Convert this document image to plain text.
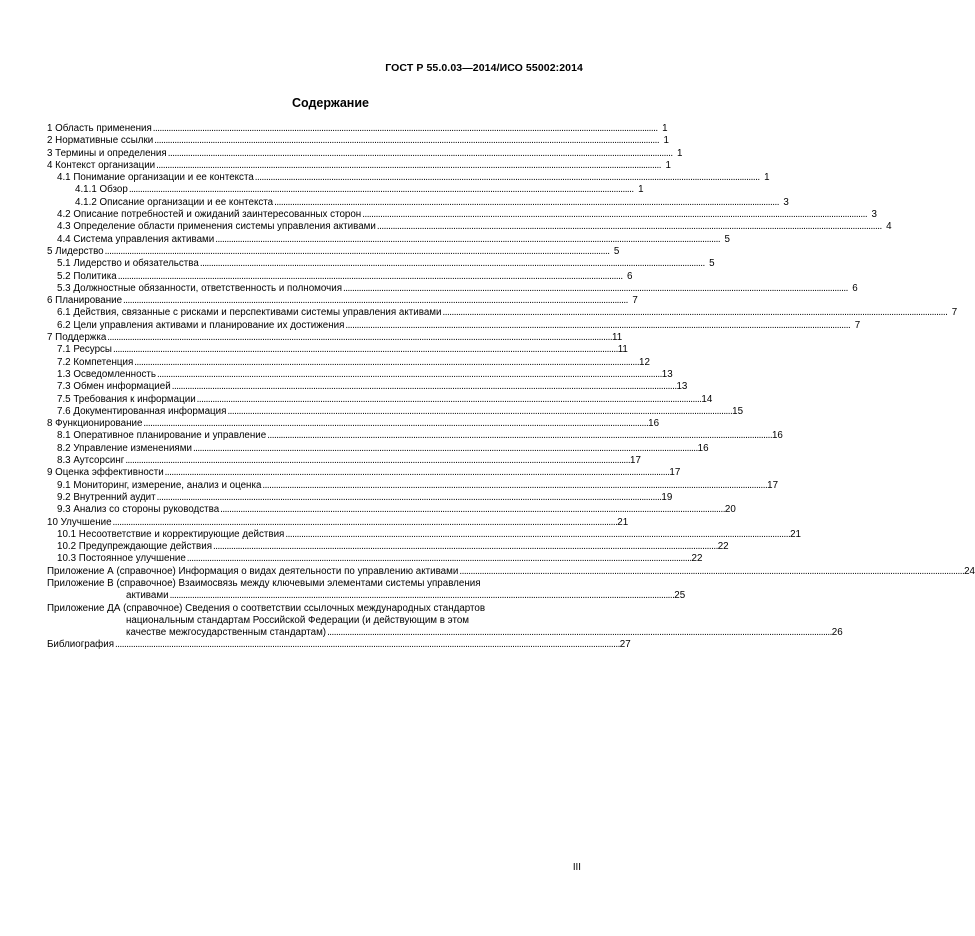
ГОСТ Р 55.0.03—2014/ИСО 55002:2014
Содержание
1 Область применения . . .	1
2 Нормативные ссылки . . .	1
3 Термины и определения . . .	1
4 Контекст организации . . .	1
4.1 Понимание организации и ее контекста . . .	1
4.1.1 Обзор . . .	1
4.1.2 Описание организации и ее контекста . . .	3
4.2 Описание потребностей и ожиданий заинтересованных сторон . . .	3
4.3 Определение области применения системы управления активами . . .	4
4.4 Система управления активами . . .	5
5 Лидерство . . .	5
5.1 Лидерство и обязательства . . .	5
5.2 Политика . . .	6
5.3 Должностные обязанности, ответственность и полномочия . . .	6
6 Планирование . . .	7
6.1 Действия, связанные с рисками и перспективами системы управления активами . . .	7
6.2 Цели управления активами и планирование их достижения . . .	7
7 Поддержка . . .	11
7.1 Ресурсы . . .	11
7.2 Компетенция . . .	12
1.3 Осведомленность . . .	13
7.3 Обмен информацией . . .	13
7.5 Требования к информации . . .	14
7.6 Документированная информация . . .	15
8 Функционирование . . .	16
8.1 Оперативное планирование и управление . . .	16
8.2 Управление изменениями . . .	16
8.3 Аутсорсинг . . .	17
9 Оценка эффективности . . .	17
9.1 Мониторинг, измерение, анализ и оценка . . .	17
9.2 Внутренний аудит . . .	19
9.3 Анализ со стороны руководства . . .	20
10 Улучшение . . .	21
10.1 Несоответствие и корректирующие действия . . .	21
10.2 Предупреждающие действия . . .	22
10.3 Постоянное улучшение . . .	22
Приложение А (справочное) Информация о видах деятельности по управлению активами . . .	24
Приложение В (справочное) Взаимосвязь между ключевыми элементами системы управления
активами . . .	25
Приложение ДА (справочное) Сведения о соответствии ссылочных международных стандартов
национальным стандартам Российской Федерации (и действующим в этом
качестве межгосударственным стандартам) . . .	26
Библиография . . .	27
III
